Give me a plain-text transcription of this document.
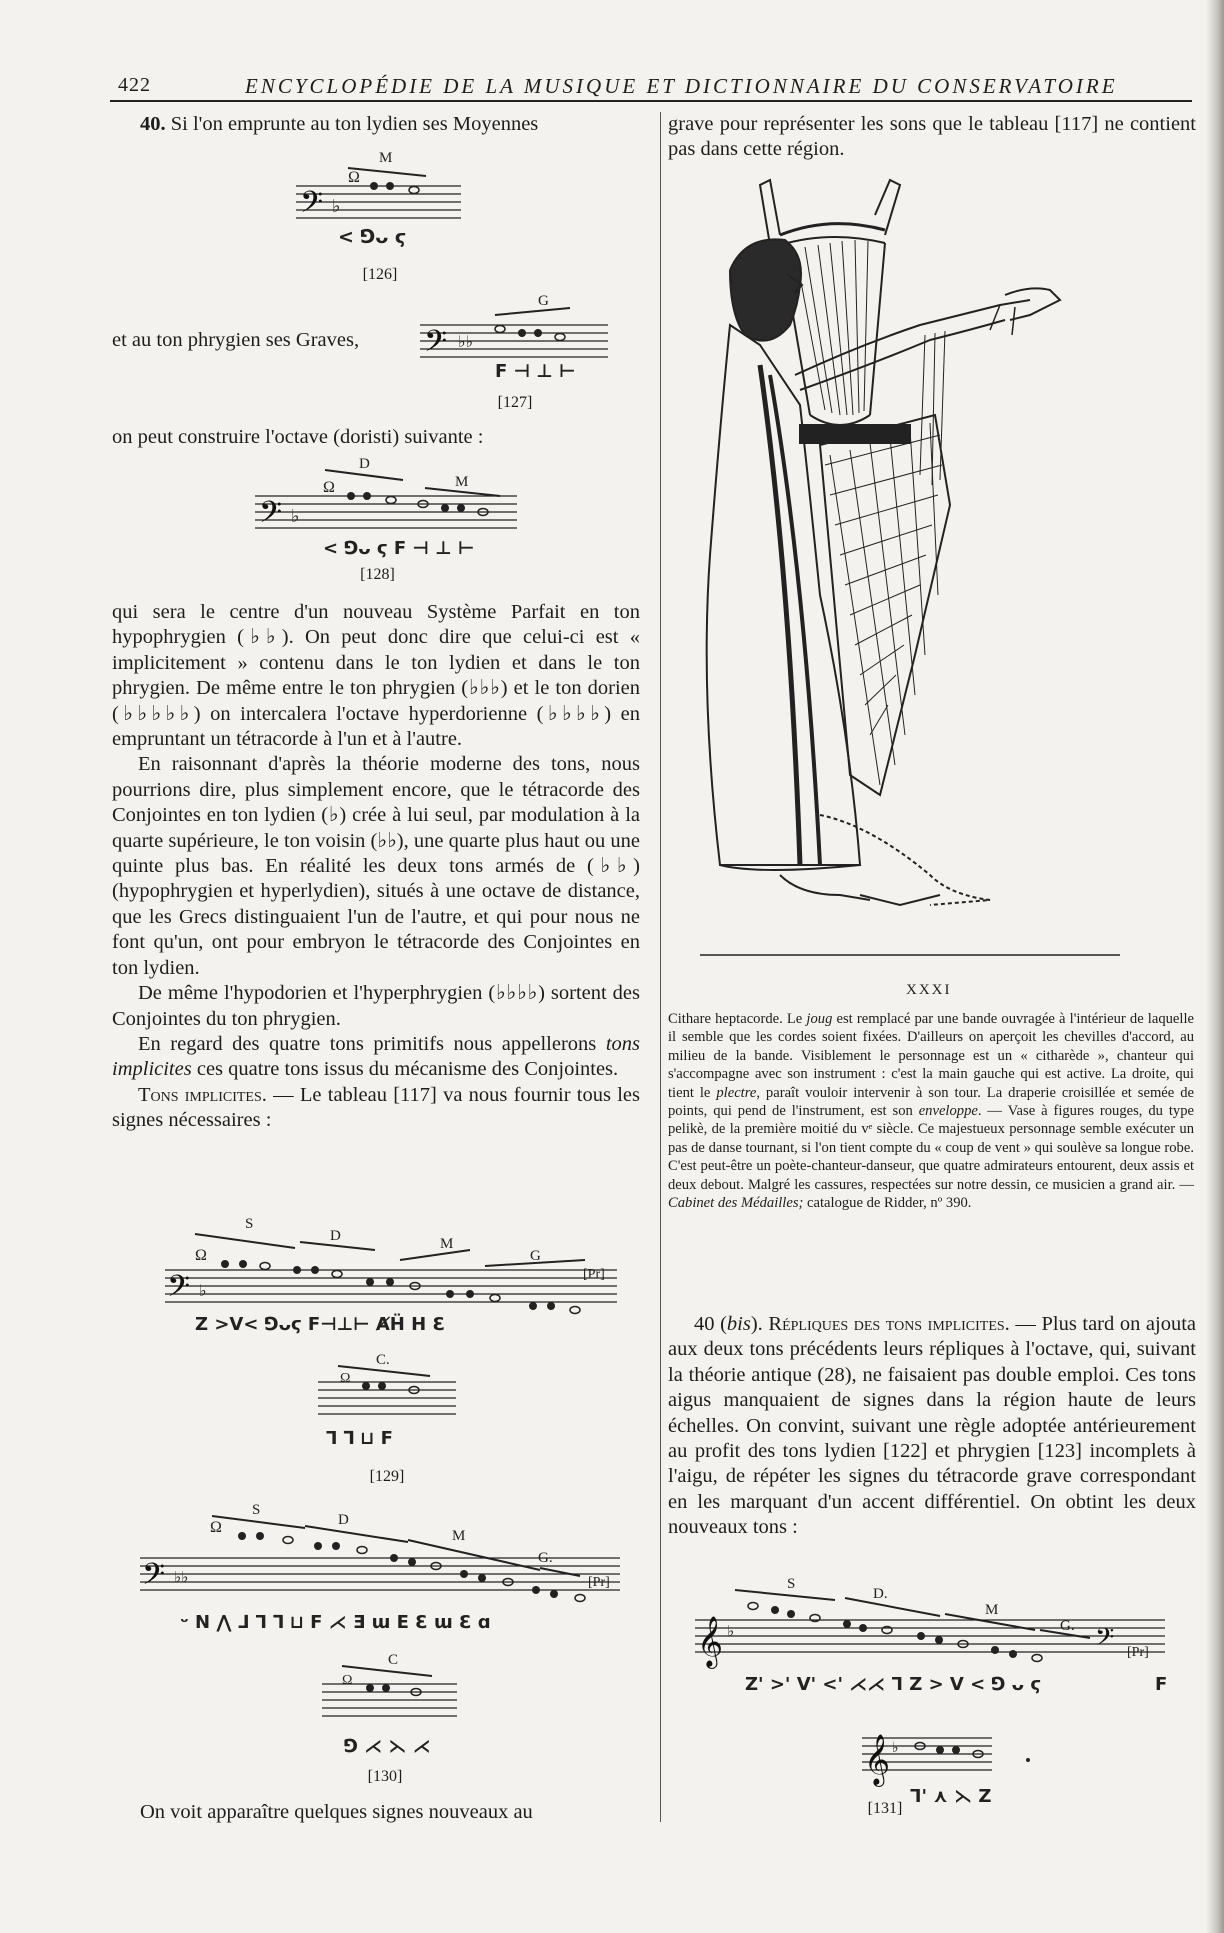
422	ENCYCLOPÉDIE DE LA MUSIQUE ET DICTIONNAIRE DU CONSERVATOIRE
40. Si l'on emprunte au ton lydien ses Moyennes
𝄢 ♭
M
Ω
< ⅁ᴗ ϛ
[126]
et au ton phrygien ses Graves,	𝄢 ♭♭
G
F ⊣ ⊥ ⊢
[127]
on peut construire l'octave (doristi) suivante :
𝄢 ♭
D
M
Ω
< ⅁ᴗ ϛ F ⊣ ⊥ ⊢
[128]

qui sera le centre d'un nouveau Système Parfait en ton hypophrygien (♭♭). On peut donc dire que celui-ci est « implicitement » contenu dans le ton lydien et dans le ton phrygien. De même entre le ton phrygien (♭♭♭) et le ton dorien (♭♭♭♭♭) on intercalera l'octave hyperdorienne (♭♭♭♭) en empruntant un tétracorde à l'un et à l'autre.

En raisonnant d'après la théorie moderne des tons, nous pourrions dire, plus simplement encore, que le tétracorde des Conjointes en ton lydien (♭) crée à lui seul, par modulation à la quarte supérieure, le ton voisin (♭♭), une quarte plus haut ou une quinte plus bas. En réalité les deux tons armés de (♭♭) (hypophrygien et hyperlydien), situés à une octave de distance, que les Grecs distinguaient l'un de l'autre, et qui pour nous ne font qu'un, ont pour embryon le tétracorde des Conjointes en ton lydien.

De même l'hypodorien et l'hyperphrygien (♭♭♭♭) sortent des Conjointes du ton phrygien.

En regard des quatre tons primitifs nous appellerons tons implicites ces quatre tons issus du mécanisme des Conjointes.

Tons implicites. — Le tableau [117] va nous fournir tous les signes nécessaires :

𝄢 ♭
S
D	M
G
[Pr]
Ω
Z >V< ⅁ᴗϛ F⊣⊥⊢ ȺḦ H Ɛ
C.
Ω
Ꞁ ⅂ ⊔ F
[129]
𝄢 ♭♭
S
D
M
G.
[Pr]
Ω
ᵕ N ⋀ ⅃ Ꞁ ⅂ ⊔ F ⋌ Ǝ ɯ E Ɛ ɯ Ɛ ɑ
C
Ω
⅁ ⋌ ⋋ ⋌
[130]
On voit apparaître quelques signes nouveaux au
grave pour représenter les sons que le tableau [117] ne contient pas dans cette région.
XXXI
Cithare heptacorde. Le joug est remplacé par une bande ouvragée à l'intérieur de laquelle il semble que les cordes soient fixées. D'ailleurs on aperçoit les chevilles d'accord, au milieu de la bande. Visiblement le personnage est un « citharède », chanteur qui s'accompagne avec son instrument : c'est la main gauche qui est active. La droite, qui tient le plectre, paraît vouloir intervenir à son tour. La draperie croisillée et semée de points, qui pend de l'instrument, est son enveloppe. — Vase à figures rouges, du type pelikè, de la première moitié du vᵉ siècle. Ce majestueux personnage semble exécuter un pas de danse tournant, si l'on tient compte du « coup de vent » qui soulève sa longue robe. C'est peut-être un poète-chanteur-danseur, que quatre admirateurs entourent, deux assis et deux debout. Malgré les cassures, respectées sur notre dessin, ce musicien a grand air. — Cabinet des Médailles; catalogue de Ridder, nº 390.
40 (bis). Répliques des tons implicites. — Plus tard on ajouta aux deux tons précédents leurs répliques à l'octave, qui, suivant la théorie antique (28), ne faisaient pas double emploi. Ces tons aigus manquaient de signes dans la région haute de leurs échelles. On convint, suivant une règle adoptée antérieurement au profit des tons lydien [122] et phrygien [123] incomplets à l'aigu, de répéter les signes du tétracorde grave correspondant en les marquant d'un accent différentiel. On obtint les deux nouveaux tons :
𝄞 ♭
S
D.
M
G. 𝄢 [Pr]
Z' >' V' <' ⋌⋌ Ꞁ Z > V < ⅁ ᴗ ϛ	F
𝄞 ♭
Ꞁ' ⋏ ⋋ Z
[131]
